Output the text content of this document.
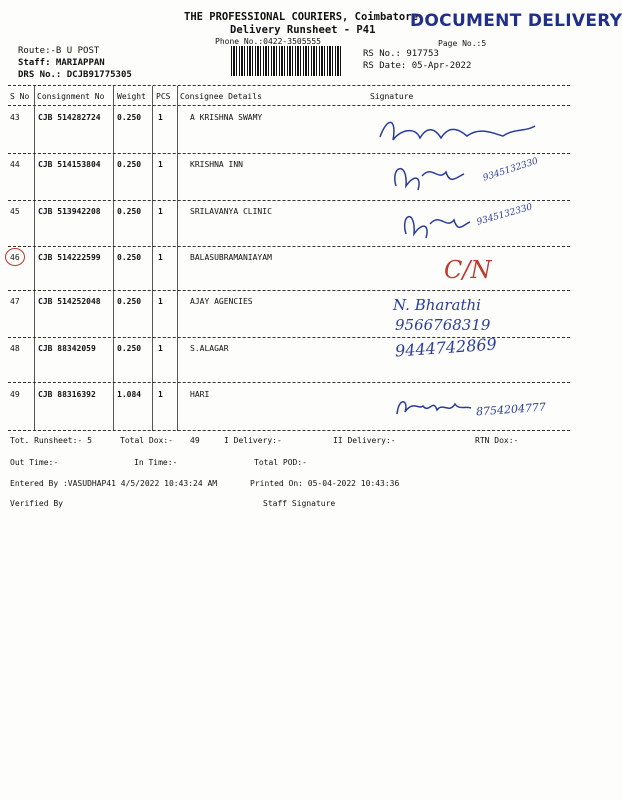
THE PROFESSIONAL COURIERS, Coimbatore
DOCUMENT DELIVERY
Delivery Runsheet - P41
Phone No.:0422-3505555	Page No.:5
Route:-B U POST
Staff: MARIAPPAN
DRS No.: DCJB91775305
RS No.: 917753
RS Date: 05-Apr-2022
S No Consignment No Weight PCS Consignee Details	Signature
43 CJB 514282724 0.250 1	A KRISHNA SWAMY
44 CJB 514153804 0.250 1	KRISHNA INN	9345132330
45 CJB 513942208 0.250 1	SRILAVANYA CLINIC	9345132330
46 CJB 514222599 0.250 1	BALASUBRAMANIAYAM	C/N
47 CJB 514252048 0.250 1	AJAY AGENCIES	N. Bharathi
9566768319
48 CJB 88342059	0.250 1	S.ALAGAR	9444742869
49 CJB 88316392	1.084 1	HARI
8754204777
Tot. Runsheet:- 5	Total Dox:- 49	I Delivery:-	II Delivery:-	RTN Dox:-
Out Time:-	In Time:-	Total POD:-
Entered By :VASUDHAP41 4/5/2022 10:43:24 AM	Printed On: 05-04-2022 10:43:36
Verified By	Staff Signature
